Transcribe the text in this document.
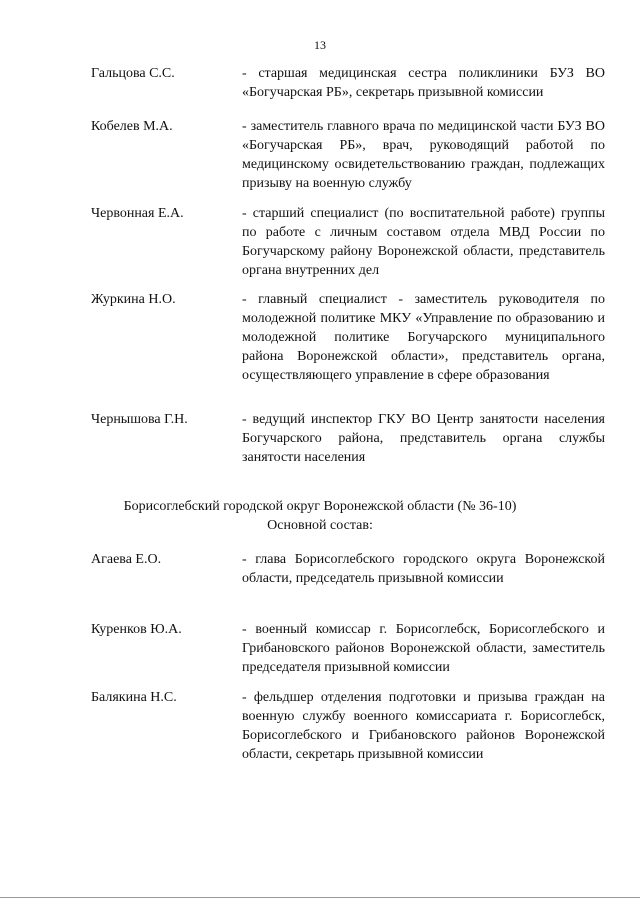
13
Гальцова С.С.	- старшая медицинская сестра поликлиники БУЗ ВО «Богучарская РБ», секретарь призывной комиссии
Кобелев М.А.	- заместитель главного врача по медицинской части БУЗ ВО «Богучарская РБ», врач, руководящий работой по медицинскому освидетельствованию граждан, подлежащих призыву на военную службу
Червонная Е.А.	- старший специалист (по воспитательной работе) группы по работе с личным составом отдела МВД России по Богучарскому району Воронежской области, представитель органа внутренних дел
Журкина Н.О.	- главный специалист - заместитель руководителя по молодежной политике МКУ «Управление по образованию и молодежной политике Богучарского муниципального района Воронежской области», представитель органа, осуществляющего управление в сфере образования
Чернышова Г.Н.	- ведущий инспектор ГКУ ВО Центр занятости населения Богучарского района, представитель органа службы занятости населения
Борисоглебский городской округ Воронежской области (№ 36-10)
Основной состав:
Агаева Е.О.	- глава Борисоглебского городского округа Воронежской области, председатель призывной комиссии
Куренков Ю.А.	- военный комиссар г. Борисоглебск, Борисоглебского и Грибановского районов Воронежской области, заместитель председателя призывной комиссии
Балякина Н.С.	- фельдшер отделения подготовки и призыва граждан на военную службу военного комиссариата г. Борисоглебск, Борисоглебского и Грибановского районов Воронежской области, секретарь призывной комиссии
